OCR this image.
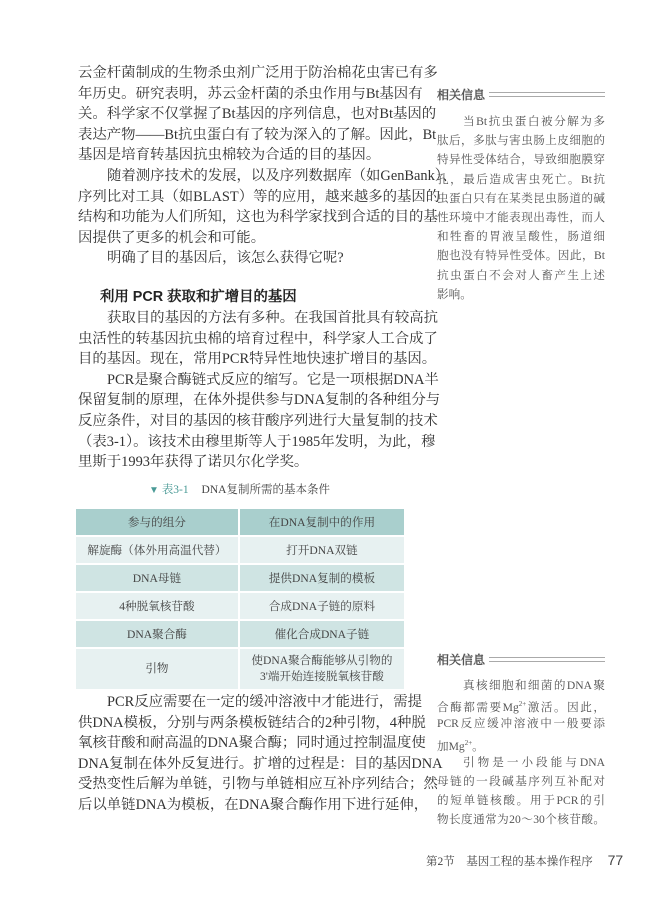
云金杆菌制成的生物杀虫剂广泛用于防治棉花虫害已有多
年历史。研究表明，苏云金杆菌的杀虫作用与Bt基因有
关。科学家不仅掌握了Bt基因的序列信息，也对Bt基因的
表达产物——Bt抗虫蛋白有了较为深入的了解。因此，Bt
基因是培育转基因抗虫棉较为合适的目的基因。
随着测序技术的发展，以及序列数据库（如GenBank）、
序列比对工具（如BLAST）等的应用，越来越多的基因的
结构和功能为人们所知，这也为科学家找到合适的目的基
因提供了更多的机会和可能。
明确了目的基因后，该怎么获得它呢?
利用 PCR 获取和扩增目的基因
获取目的基因的方法有多种。在我国首批具有较高抗
虫活性的转基因抗虫棉的培育过程中，科学家人工合成了
目的基因。现在，常用PCR特异性地快速扩增目的基因。
PCR是聚合酶链式反应的缩写。它是一项根据DNA半
保留复制的原理，在体外提供参与DNA复制的各种组分与
反应条件，对目的基因的核苷酸序列进行大量复制的技术
（表3-1）。该技术由穆里斯等人于1985年发明，为此，穆
里斯于1993年获得了诺贝尔化学奖。
▼ 表3-1 DNA复制所需的基本条件
参与的组分	在DNA复制中的作用
解旋酶（体外用高温代替）	打开DNA双链
DNA母链	提供DNA复制的模板
4种脱氧核苷酸	合成DNA子链的原料
DNA聚合酶	催化合成DNA子链
引物	使DNA聚合酶能够从引物的
3'端开始连接脱氧核苷酸
PCR反应需要在一定的缓冲溶液中才能进行，需提
供DNA模板，分别与两条模板链结合的2种引物，4种脱
氧核苷酸和耐高温的DNA聚合酶；同时通过控制温度使
DNA复制在体外反复进行。扩增的过程是：目的基因DNA
受热变性后解为单链，引物与单链相应互补序列结合；然
后以单链DNA为模板，在DNA聚合酶作用下进行延伸，
相关信息
当Bt抗虫蛋白被分解为多
肽后，多肽与害虫肠上皮细胞的
特异性受体结合，导致细胞膜穿
孔，最后造成害虫死亡。Bt抗
虫蛋白只有在某类昆虫肠道的碱
性环境中才能表现出毒性，而人
和牲畜的胃液呈酸性，肠道细
胞也没有特异性受体。因此，Bt
抗虫蛋白不会对人畜产生上述
影响。
相关信息
真核细胞和细菌的DNA聚
合酶都需要$Mg^{2+}$激活。因此，
PCR反应缓冲溶液中一般要添
加$Mg^{2+}$。
引物是一小段能与DNA
母链的一段碱基序列互补配对
的短单链核酸。用于PCR的引
物长度通常为20～30个核苷酸。
第2节　基因工程的基本操作程序 77
